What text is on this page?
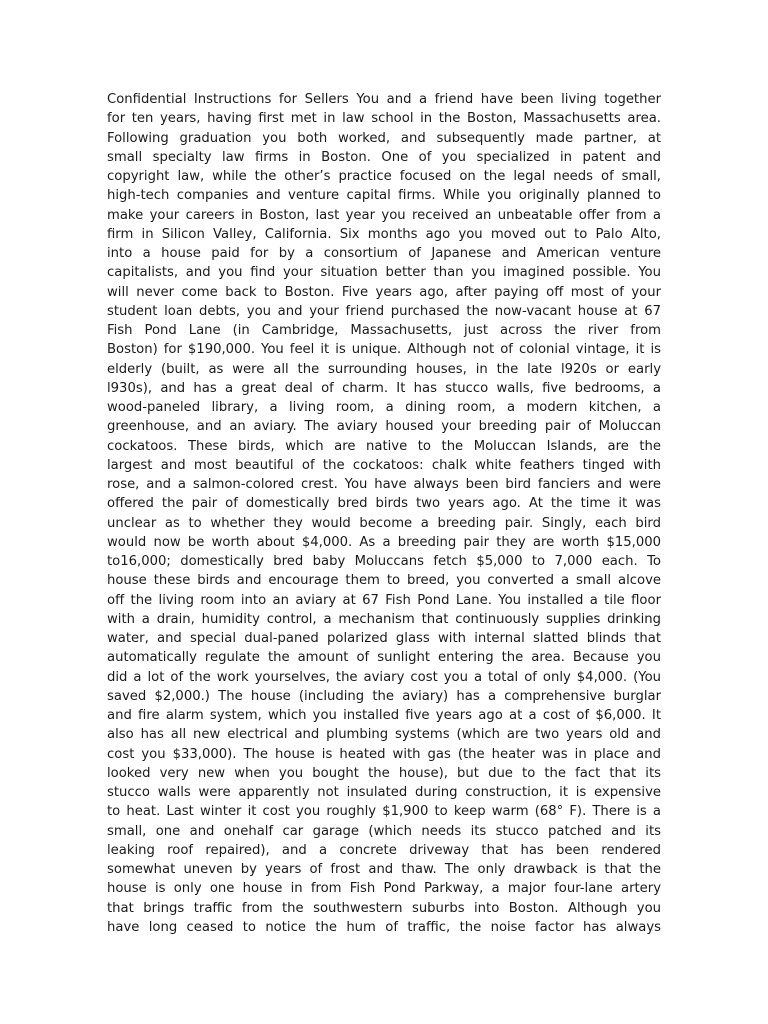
Confidential Instructions for Sellers You and a friend have been living together
for ten years, having first met in law school in the Boston, Massachusetts area.
Following graduation you both worked, and subsequently made partner, at
small specialty law firms in Boston. One of you specialized in patent and
copyright law, while the other’s practice focused on the legal needs of small,
high-tech companies and venture capital firms. While you originally planned to
make your careers in Boston, last year you received an unbeatable offer from a
firm in Silicon Valley, California. Six months ago you moved out to Palo Alto,
into a house paid for by a consortium of Japanese and American venture
capitalists, and you find your situation better than you imagined possible. You
will never come back to Boston. Five years ago, after paying off most of your
student loan debts, you and your friend purchased the now-vacant house at 67
Fish Pond Lane (in Cambridge, Massachusetts, just across the river from
Boston) for $190,000. You feel it is unique. Although not of colonial vintage, it is
elderly (built, as were all the surrounding houses, in the late l920s or early
l930s), and has a great deal of charm. It has stucco walls, five bedrooms, a
wood-paneled library, a living room, a dining room, a modern kitchen, a
greenhouse, and an aviary. The aviary housed your breeding pair of Moluccan
cockatoos. These birds, which are native to the Moluccan Islands, are the
largest and most beautiful of the cockatoos: chalk white feathers tinged with
rose, and a salmon-colored crest. You have always been bird fanciers and were
offered the pair of domestically bred birds two years ago. At the time it was
unclear as to whether they would become a breeding pair. Singly, each bird
would now be worth about $4,000. As a breeding pair they are worth $15,000
to16,000; domestically bred baby Moluccans fetch $5,000 to 7,000 each. To
house these birds and encourage them to breed, you converted a small alcove
off the living room into an aviary at 67 Fish Pond Lane. You installed a tile floor
with a drain, humidity control, a mechanism that continuously supplies drinking
water, and special dual-paned polarized glass with internal slatted blinds that
automatically regulate the amount of sunlight entering the area. Because you
did a lot of the work yourselves, the aviary cost you a total of only $4,000. (You
saved $2,000.) The house (including the aviary) has a comprehensive burglar
and fire alarm system, which you installed five years ago at a cost of $6,000. It
also has all new electrical and plumbing systems (which are two years old and
cost you $33,000). The house is heated with gas (the heater was in place and
looked very new when you bought the house), but due to the fact that its
stucco walls were apparently not insulated during construction, it is expensive
to heat. Last winter it cost you roughly $1,900 to keep warm (68° F). There is a
small, one and onehalf car garage (which needs its stucco patched and its
leaking roof repaired), and a concrete driveway that has been rendered
somewhat uneven by years of frost and thaw. The only drawback is that the
house is only one house in from Fish Pond Parkway, a major four-lane artery
that brings traffic from the southwestern suburbs into Boston. Although you
have long ceased to notice the hum of traffic, the noise factor has always
